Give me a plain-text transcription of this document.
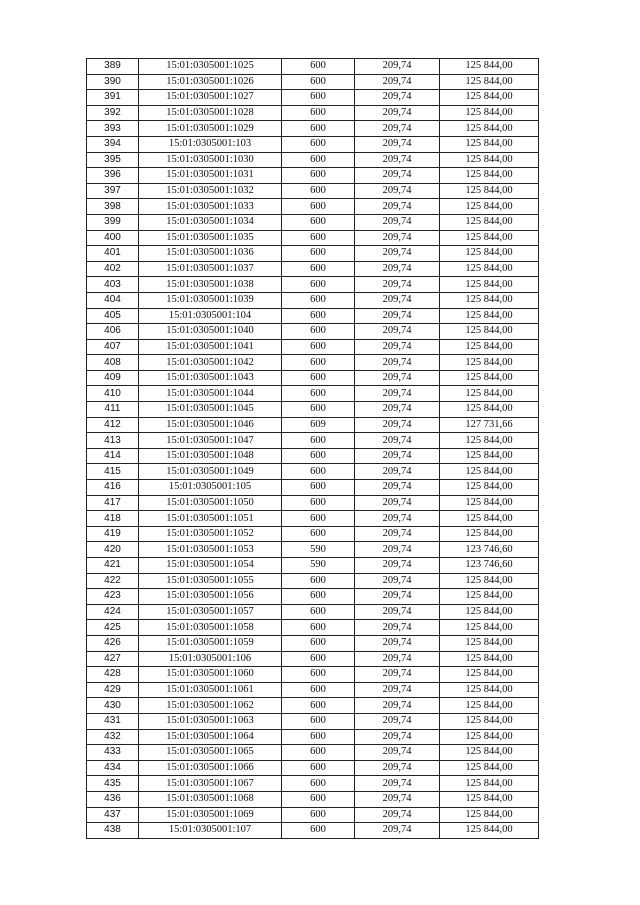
389	15:01:0305001:1025	600	209,74	125 844,00
390	15:01:0305001:1026	600	209,74	125 844,00
391	15:01:0305001:1027	600	209,74	125 844,00
392	15:01:0305001:1028	600	209,74	125 844,00
393	15:01:0305001:1029	600	209,74	125 844,00
394	15:01:0305001:103	600	209,74	125 844,00
395	15:01:0305001:1030	600	209,74	125 844,00
396	15:01:0305001:1031	600	209,74	125 844,00
397	15:01:0305001:1032	600	209,74	125 844,00
398	15:01:0305001:1033	600	209,74	125 844,00
399	15:01:0305001:1034	600	209,74	125 844,00
400	15:01:0305001:1035	600	209,74	125 844,00
401	15:01:0305001:1036	600	209,74	125 844,00
402	15:01:0305001:1037	600	209,74	125 844,00
403	15:01:0305001:1038	600	209,74	125 844,00
404	15:01:0305001:1039	600	209,74	125 844,00
405	15:01:0305001:104	600	209,74	125 844,00
406	15:01:0305001:1040	600	209,74	125 844,00
407	15:01:0305001:1041	600	209,74	125 844,00
408	15:01:0305001:1042	600	209,74	125 844,00
409	15:01:0305001:1043	600	209,74	125 844,00
410	15:01:0305001:1044	600	209,74	125 844,00
411	15:01:0305001:1045	600	209,74	125 844,00
412	15:01:0305001:1046	609	209,74	127 731,66
413	15:01:0305001:1047	600	209,74	125 844,00
414	15:01:0305001:1048	600	209,74	125 844,00
415	15:01:0305001:1049	600	209,74	125 844,00
416	15:01:0305001:105	600	209,74	125 844,00
417	15:01:0305001:1050	600	209,74	125 844,00
418	15:01:0305001:1051	600	209,74	125 844,00
419	15:01:0305001:1052	600	209,74	125 844,00
420	15:01:0305001:1053	590	209,74	123 746,60
421	15:01:0305001:1054	590	209,74	123 746,60
422	15:01:0305001:1055	600	209,74	125 844,00
423	15:01:0305001:1056	600	209,74	125 844,00
424	15:01:0305001:1057	600	209,74	125 844,00
425	15:01:0305001:1058	600	209,74	125 844,00
426	15:01:0305001:1059	600	209,74	125 844,00
427	15:01:0305001:106	600	209,74	125 844,00
428	15:01:0305001:1060	600	209,74	125 844,00
429	15:01:0305001:1061	600	209,74	125 844,00
430	15:01:0305001:1062	600	209,74	125 844,00
431	15:01:0305001:1063	600	209,74	125 844,00
432	15:01:0305001:1064	600	209,74	125 844,00
433	15:01:0305001:1065	600	209,74	125 844,00
434	15:01:0305001:1066	600	209,74	125 844,00
435	15:01:0305001:1067	600	209,74	125 844,00
436	15:01:0305001:1068	600	209,74	125 844,00
437	15:01:0305001:1069	600	209,74	125 844,00
438	15:01:0305001:107	600	209,74	125 844,00
